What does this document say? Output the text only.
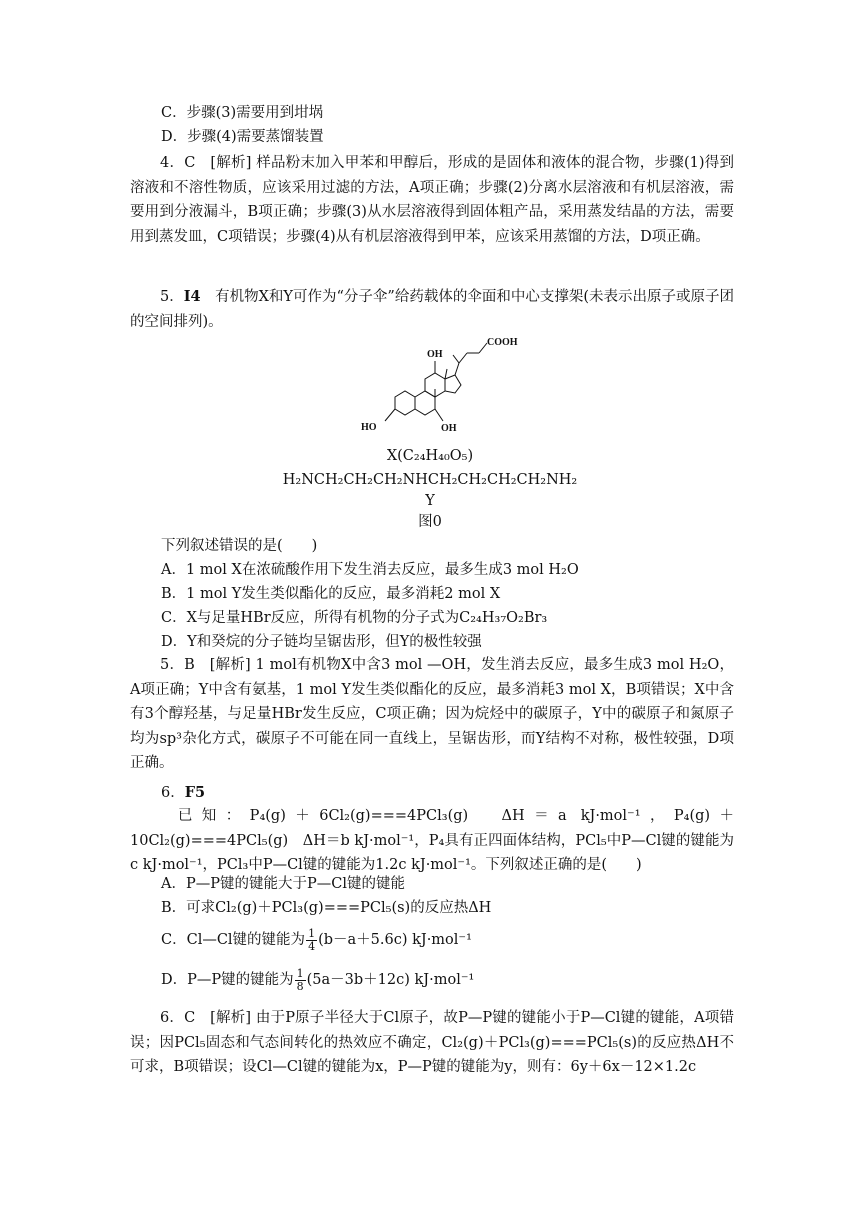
C．步骤(3)需要用到坩埚
D．步骤(4)需要蒸馏装置
4．C　[解析] 样品粉末加入甲苯和甲醇后，形成的是固体和液体的混合物，步骤(1)得到溶液和不溶性物质，应该采用过滤的方法，A项正确；步骤(2)分离水层溶液和有机层溶液，需要用到分液漏斗，B项正确；步骤(3)从水层溶液得到固体粗产品，采用蒸发结晶的方法，需要用到蒸发皿，C项错误；步骤(4)从有机层溶液得到甲苯，应该采用蒸馏的方法，D项正确。
5．I4　有机物X和Y可作为“分子伞”给药载体的伞面和中心支撑架(未表示出原子或原子团的空间排列)。
OH
COOH
HO	OH
X(C₂₄H₄₀O₅)
H₂NCH₂CH₂CH₂NHCH₂CH₂CH₂CH₂NH₂
Y
图0
下列叙述错误的是(　　)
A．1 mol X在浓硫酸作用下发生消去反应，最多生成3 mol H₂O
B．1 mol Y发生类似酯化的反应，最多消耗2 mol X
C．X与足量HBr反应，所得有机物的分子式为C₂₄H₃₇O₂Br₃
D．Y和癸烷的分子链均呈锯齿形，但Y的极性较强
5．B　[解析] 1 mol有机物X中含3 mol —OH，发生消去反应，最多生成3 mol H₂O，A项正确；Y中含有氨基，1 mol Y发生类似酯化的反应，最多消耗3 mol X，B项错误；X中含有3个醇羟基，与足量HBr发生反应，C项正确；因为烷烃中的碳原子，Y中的碳原子和氮原子均为sp³杂化方式，碳原子不可能在同一直线上，呈锯齿形，而Y结构不对称，极性较强，D项正确。
6．F5
　　已知：P₄(g)＋6Cl₂(g)===4PCl₃(g)　ΔH＝a kJ·mol⁻¹，P₄(g)＋10Cl₂(g)===4PCl₅(g)　ΔH＝b kJ·mol⁻¹，P₄具有正四面体结构，PCl₅中P—Cl键的键能为c kJ·mol⁻¹，PCl₃中P—Cl键的键能为1.2c kJ·mol⁻¹。下列叙述正确的是(　　)
A．P—P键的键能大于P—Cl键的键能
B．可求Cl₂(g)＋PCl₃(g)===PCl₅(s)的反应热ΔH
C．Cl—Cl键的键能为 $\frac{1}{4} (b-a+5.6c)$ kJ·mol⁻¹
D．P—P键的键能为 $\frac{1}{8} (5a-3b+12c)$ kJ·mol⁻¹
6．C　[解析] 由于P原子半径大于Cl原子，故P—P键的键能小于P—Cl键的键能，A项错误；因PCl₅固态和气态间转化的热效应不确定，Cl₂(g)＋PCl₃(g)===PCl₅(s)的反应热ΔH不可求，B项错误；设Cl—Cl键的键能为x，P—P键的键能为y，则有：6y＋6x－12×1.2c
